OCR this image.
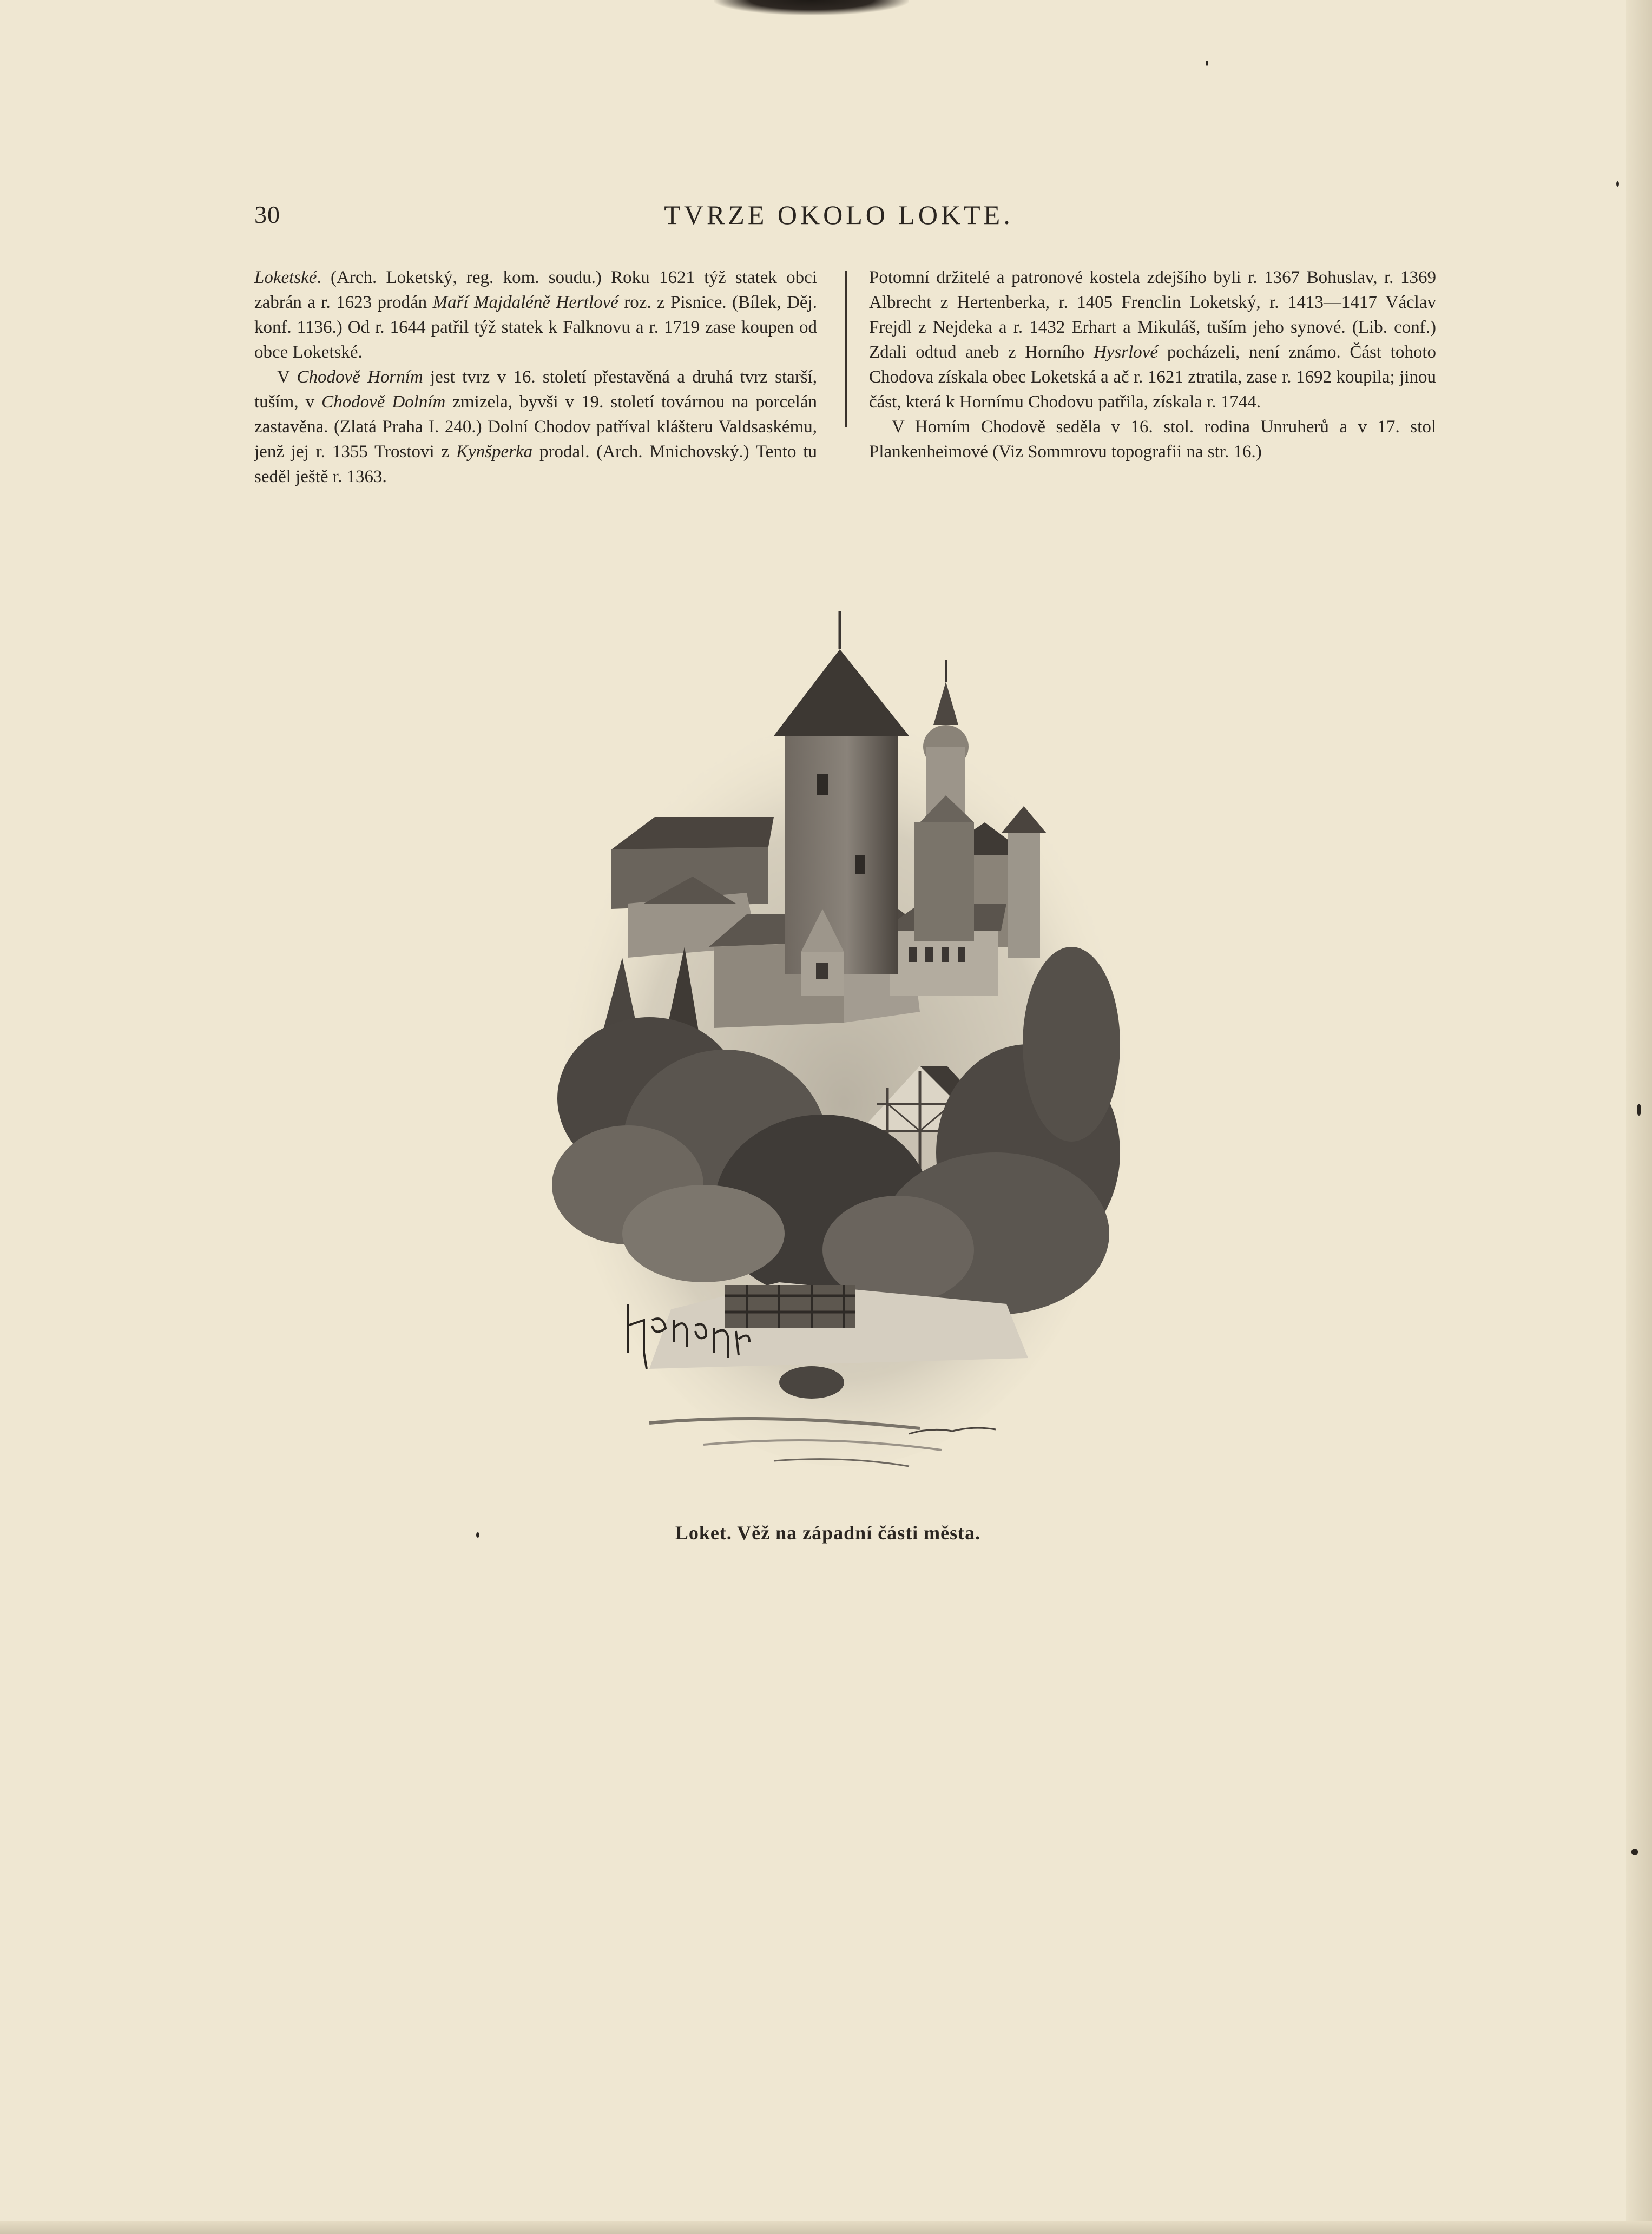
30	TVRZE OKOLO LOKTE.

Loketské. (Arch. Loketský, reg. kom. soudu.) Roku 1621 týž statek obci zabrán a r. 1623 prodán Maří Majdaléně Hertlové roz. z Pisnice. (Bílek, Děj. konf. 1136.) Od r. 1644 patřil týž statek k Falknovu a r. 1719 zase koupen od obce Loketské.

V Chodově Horním jest tvrz v 16. století přestavěná a druhá tvrz starší, tuším, v Chodově Dolním zmizela, byvši v 19. století továrnou na porcelán zastavěna. (Zlatá Praha I. 240.) Dolní Chodov patříval klášteru Valdsaskému, jenž jej r. 1355 Trostovi z Kynšperka prodal. (Arch. Mnichovský.) Tento tu seděl ještě r. 1363.

Potomní držitelé a patronové kostela zdejšího byli r. 1367 Bohuslav, r. 1369 Albrecht z Hertenberka, r. 1405 Frenclin Loketský, r. 1413—1417 Václav Frejdl z Nejdeka a r. 1432 Erhart a Mikuláš, tuším jeho synové. (Lib. conf.) Zdali odtud aneb z Horního Hysrlové pocházeli, není známo. Část tohoto Chodova získala obec Loketská a ač r. 1621 ztratila, zase r. 1692 koupila; jinou část, která k Hornímu Chodovu patřila, získala r. 1744.

V Horním Chodově seděla v 16. stol. rodina Unruherů a v 17. stol Plankenheimové (Viz Sommrovu topografii na str. 16.)

Loket. Věž na západní části města.
